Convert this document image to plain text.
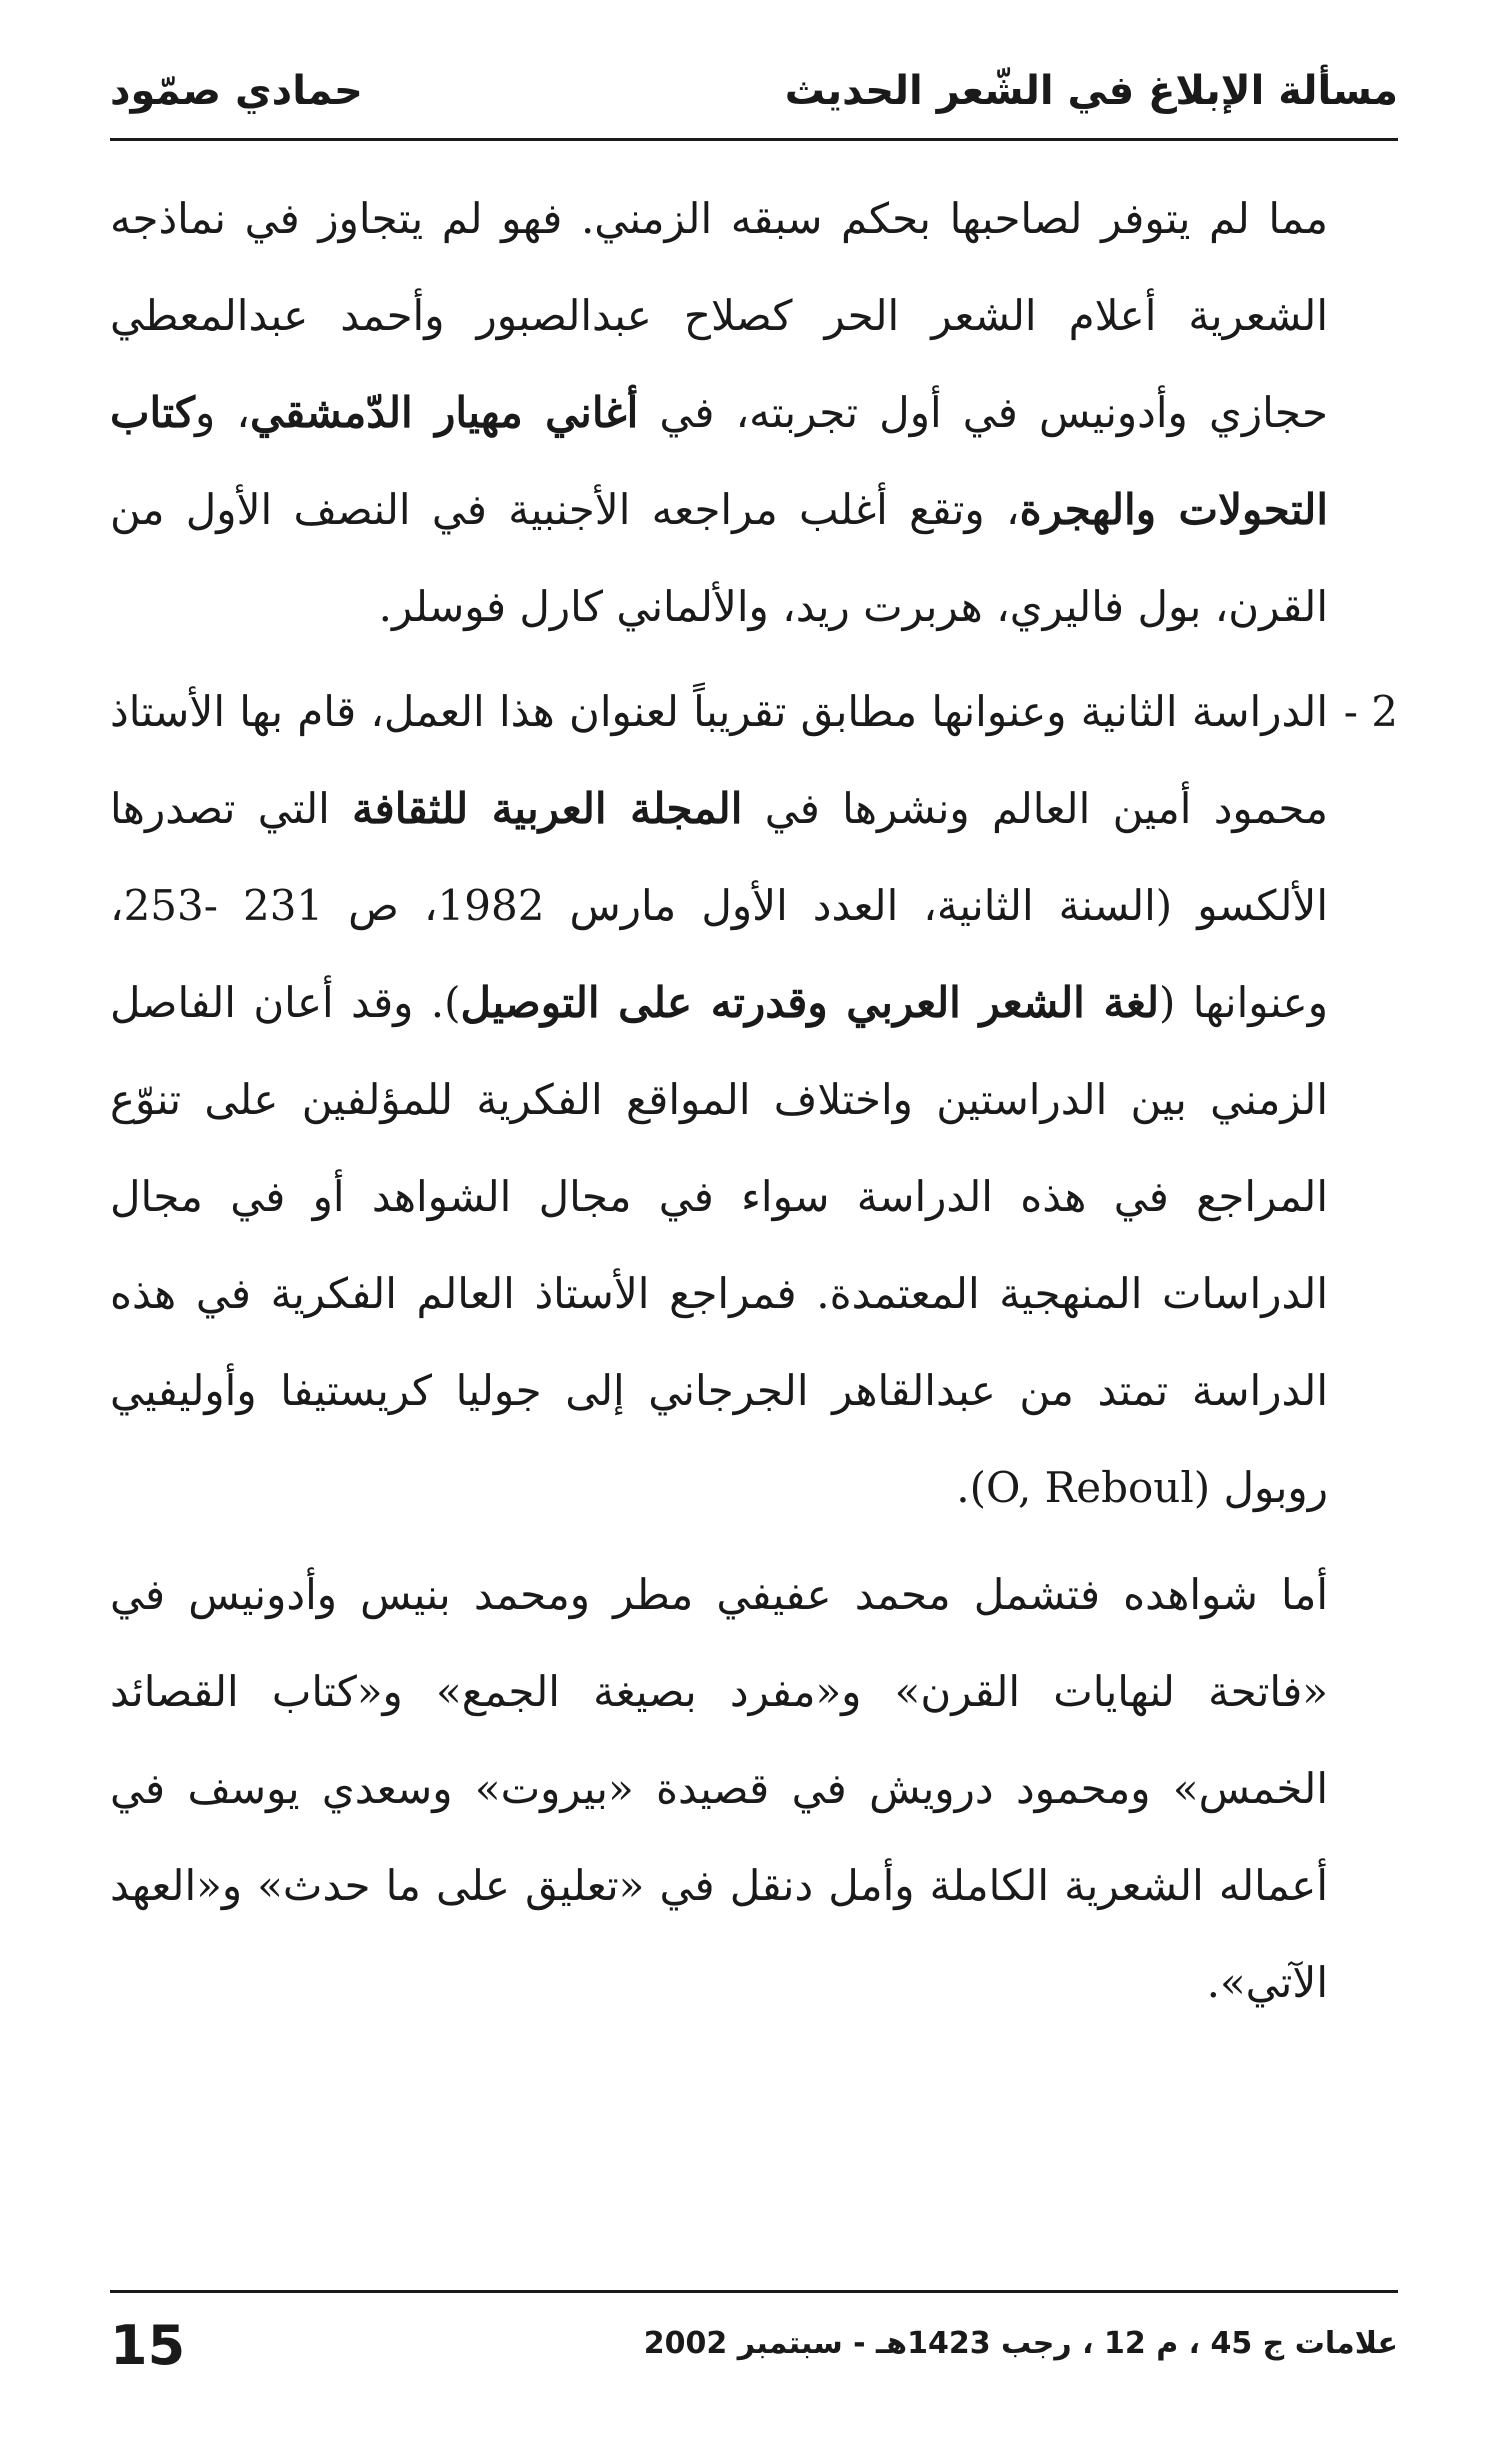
مسألة الإبلاغ في الشّعر الحديث
حمادي صمّود

مما لم يتوفر لصاحبها بحكم سبقه الزمني. فهو لم يتجاوز في نماذجه الشعرية أعلام الشعر الحر كصلاح عبدالصبور وأحمد عبدالمعطي حجازي وأدونيس في أول تجربته، في أغاني مهيار الدّمشقي، وكتاب التحولات والهجرة، وتقع أغلب مراجعه الأجنبية في النصف الأول من القرن، بول فاليري، هربرت ريد، والألماني كارل فوسلر.

2 -
الدراسة الثانية وعنوانها مطابق تقريباً لعنوان هذا العمل، قام بها الأستاذ محمود أمين العالم ونشرها في المجلة العربية للثقافة التي تصدرها الألكسو (السنة الثانية، العدد الأول مارس 1982، ص 231 -253، وعنوانها (لغة الشعر العربي وقدرته على التوصيل). وقد أعان الفاصل الزمني بين الدراستين واختلاف المواقع الفكرية للمؤلفين على تنوّع المراجع في هذه الدراسة سواء في مجال الشواهد أو في مجال الدراسات المنهجية المعتمدة. فمراجع الأستاذ العالم الفكرية في هذه الدراسة تمتد من عبدالقاهر الجرجاني إلى جوليا كريستيفا وأوليفيي روبول (O, Reboul).

أما شواهده فتشمل محمد عفيفي مطر ومحمد بنيس وأدونيس في «فاتحة لنهايات القرن» و«مفرد بصيغة الجمع» و«كتاب القصائد الخمس» ومحمود درويش في قصيدة «بيروت» وسعدي يوسف في أعماله الشعرية الكاملة وأمل دنقل في «تعليق على ما حدث» و«العهد الآتي».

15	علامات ج 45 ، م 12 ، رجب 1423هـ - سبتمبر 2002
